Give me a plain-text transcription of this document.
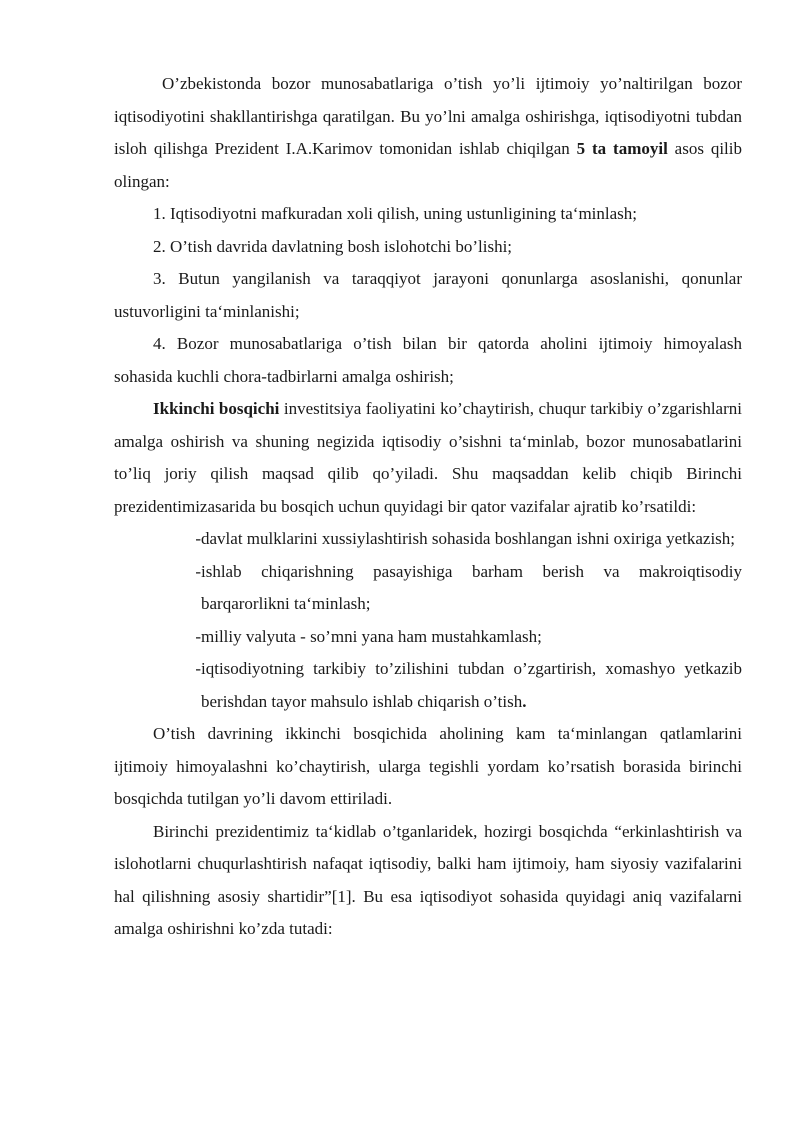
O’zbekistonda bozor munosabatlariga o’tish yo’li ijtimoiy yo’naltirilgan bozor iqtisodiyotini shakllantirishga qaratilgan. Bu yo’lni amalga oshirishga, iqtisodiyotni tubdan isloh qilishga Prezident I.A.Karimov tomonidan ishlab chiqilgan 5 ta tamoyil asos qilib olingan:

1. Iqtisodiyotni mafkuradan xoli qilish, uning ustunligining ta‘minlash;

2. O’tish davrida davlatning bosh islohotchi bo’lishi;

3. Butun yangilanish va taraqqiyot jarayoni qonunlarga asoslanishi, qonunlar ustuvorligini ta‘minlanishi;

4. Bozor munosabatlariga o’tish bilan bir qatorda aholini ijtimoiy himoyalash sohasida kuchli chora-tadbirlarni amalga oshirish;

Ikkinchi bosqichi investitsiya faoliyatini ko’chaytirish, chuqur tarkibiy o’zgarishlarni amalga oshirish va shuning negizida iqtisodiy o’sishni ta‘minlab, bozor munosabatlarini to’liq joriy qilish maqsad qilib qo’yiladi. Shu maqsaddan kelib chiqib Birinchi prezidentimizasarida bu bosqich uchun quyidagi bir qator vazifalar ajratib ko’rsatildi:

-davlat mulklarini xussiylashtirish sohasida boshlangan ishni oxiriga yetkazish;

-ishlab chiqarishning pasayishiga barham berish va makroiqtisodiy barqarorlikni ta‘minlash;

-milliy valyuta - so’mni yana ham mustahkamlash;

-iqtisodiyotning tarkibiy to’zilishini tubdan o’zgartirish, xomashyo yetkazib berishdan tayor mahsulo ishlab chiqarish o’tish.

O’tish davrining ikkinchi bosqichida aholining kam ta‘minlangan qatlamlarini ijtimoiy himoyalashni ko’chaytirish, ularga tegishli yordam ko’rsatish borasida birinchi bosqichda tutilgan yo’li davom ettiriladi.

Birinchi prezidentimiz ta‘kidlab o’tganlaridek, hozirgi bosqichda “erkinlashtirish va islohotlarni chuqurlashtirish nafaqat iqtisodiy, balki ham ijtimoiy, ham siyosiy vazifalarini hal qilishning asosiy shartidir”[1]. Bu esa iqtisodiyot sohasida quyidagi aniq vazifalarni amalga oshirishni ko’zda tutadi:
